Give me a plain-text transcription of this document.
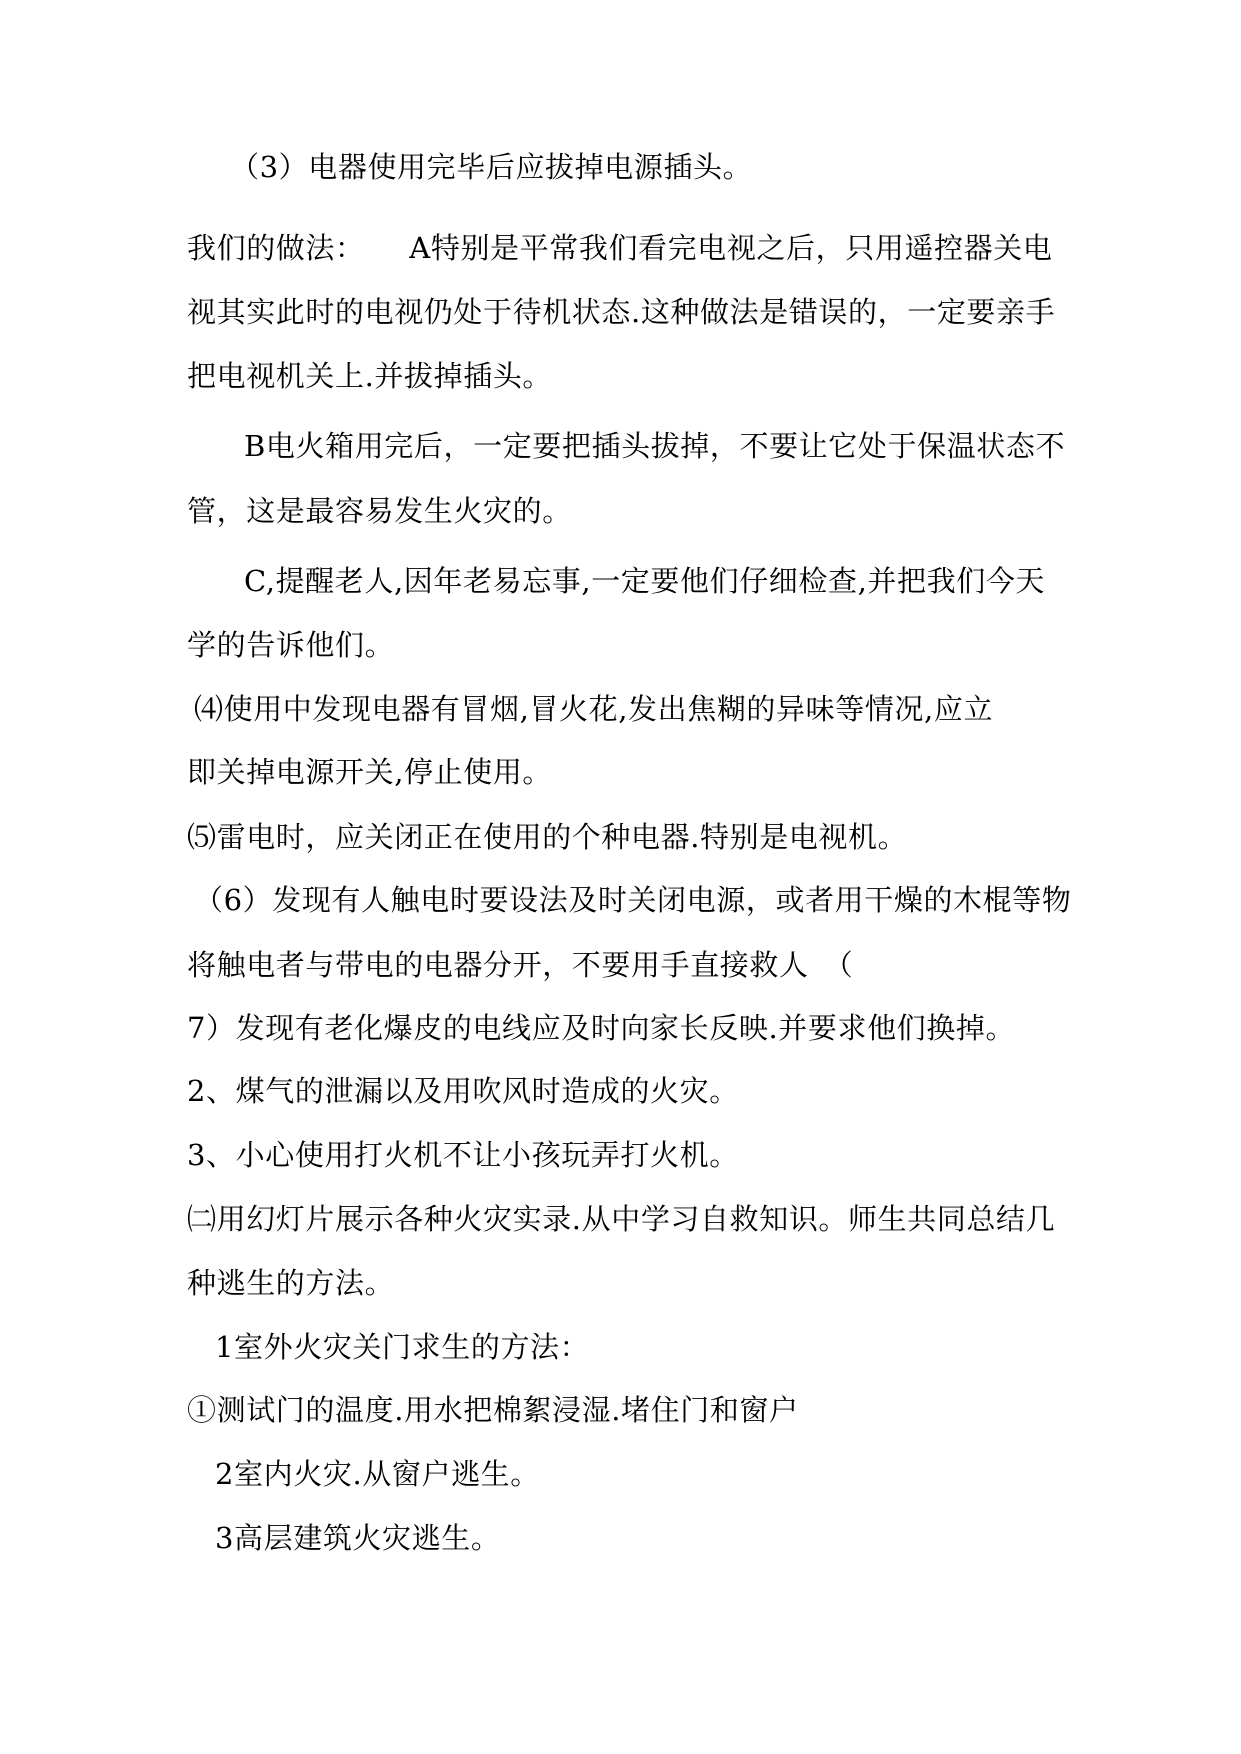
（3）电器使用完毕后应拔掉电源插头。
我们的做法：　　A特别是平常我们看完电视之后，只用遥控器关电
视其实此时的电视仍处于待机状态.这种做法是错误的，一定要亲手
把电视机关上.并拔掉插头。
B电火箱用完后，一定要把插头拔掉，不要让它处于保温状态不
管，这是最容易发生火灾的。
C,提醒老人,因年老易忘事,一定要他们仔细检查,并把我们今天
学的告诉他们。
⑷使用中发现电器有冒烟,冒火花,发出焦糊的异味等情况,应立
即关掉电源开关,停止使用。
⑸雷电时，应关闭正在使用的个种电器.特别是电视机。
（6）发现有人触电时要设法及时关闭电源，或者用干燥的木棍等物
将触电者与带电的电器分开，不要用手直接救人　（
7）发现有老化爆皮的电线应及时向家长反映.并要求他们换掉。
2、煤气的泄漏以及用吹风时造成的火灾。
3、小心使用打火机不让小孩玩弄打火机。
㈡用幻灯片展示各种火灾实录.从中学习自救知识。师生共同总结几
种逃生的方法。
1室外火灾关门求生的方法：
①测试门的温度.用水把棉絮浸湿.堵住门和窗户
2室内火灾.从窗户逃生。
3高层建筑火灾逃生。
